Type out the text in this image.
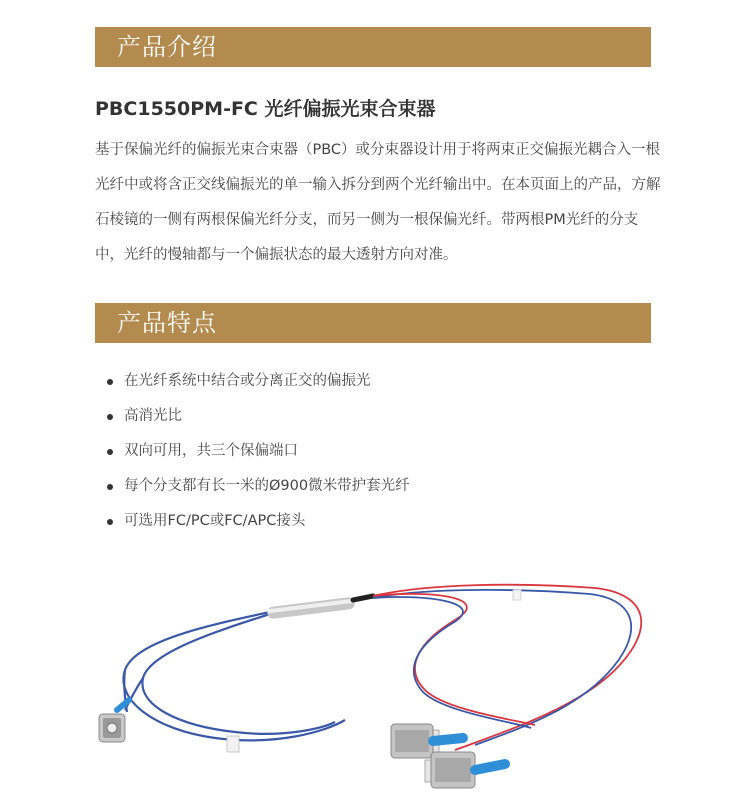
产品介绍
PBC1550PM-FC 光纤偏振光束合束器

基于保偏光纤的偏振光束合束器（PBC）或分束器设计用于将两束正交偏振光耦合入一根光纤中或将含正交线偏振光的单一输入拆分到两个光纤输出中。在本页面上的产品，方解石棱镜的一侧有两根保偏光纤分支，而另一侧为一根保偏光纤。带两根PM光纤的分支中，光纤的慢轴都与一个偏振状态的最大透射方向对准。

产品特点
在光纤系统中结合或分离正交的偏振光
高消光比
双向可用，共三个保偏端口
每个分支都有长一米的Ø900微米带护套光纤
可选用FC/PC或FC/APC接头
